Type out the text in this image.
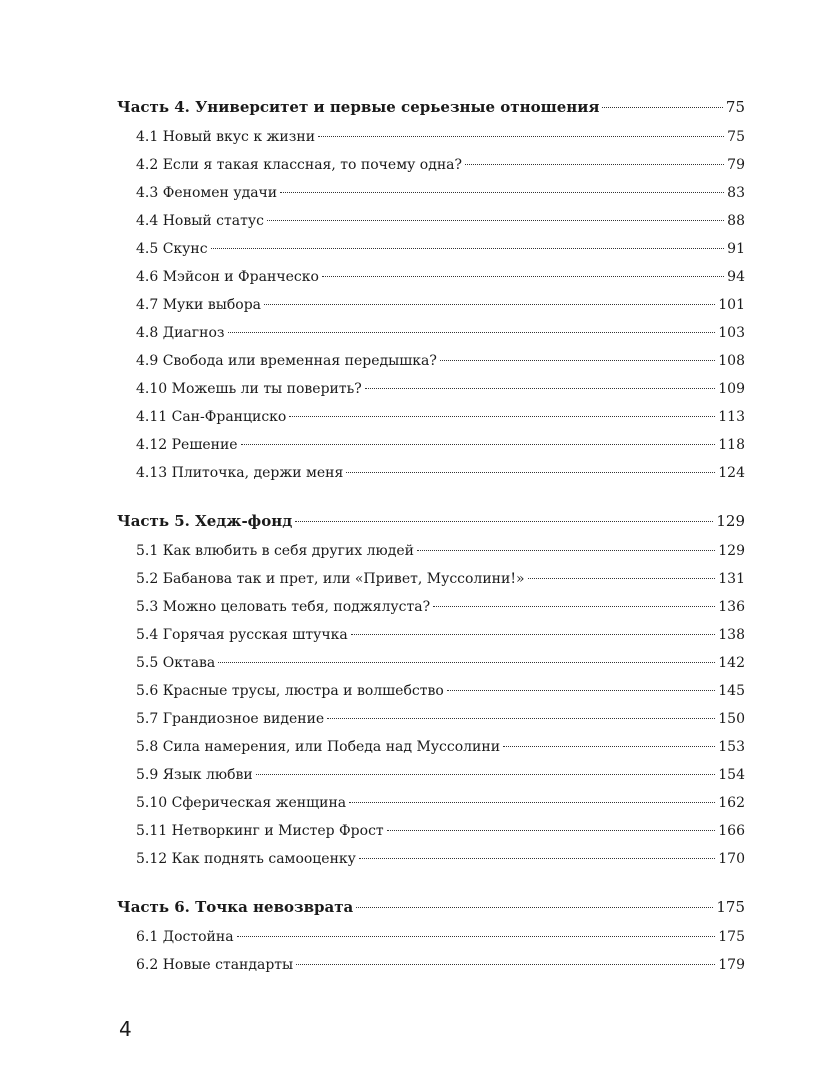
Часть 4. Университет и первые серьезные отношения	75
4.1 Новый вкус к жизни	75
4.2 Если я такая классная, то почему одна?	79
4.3 Феномен удачи	83
4.4 Новый статус	88
4.5 Скунс	91
4.6 Мэйсон и Франческо	94
4.7 Муки выбора	101
4.8 Диагноз	103
4.9 Свобода или временная передышка?	108
4.10 Можешь ли ты поверить?	109
4.11 Сан-Франциско	113
4.12 Решение	118
4.13 Плиточка, держи меня	124
Часть 5. Хедж-фонд	129
5.1 Как влюбить в себя других людей	129
5.2 Бабанова так и прет, или «Привет, Муссолини!»	131
5.3 Можно целовать тебя, поджялуста?	136
5.4 Горячая русская штучка	138
5.5 Октава	142
5.6 Красные трусы, люстра и волшебство	145
5.7 Грандиозное видение	150
5.8 Сила намерения, или Победа над Муссолини	153
5.9 Язык любви	154
5.10 Сферическая женщина	162
5.11 Нетворкинг и Мистер Фрост	166
5.12 Как поднять самооценку	170
Часть 6. Точка невозврата	175
6.1 Достойна	175
6.2 Новые стандарты	179
4
